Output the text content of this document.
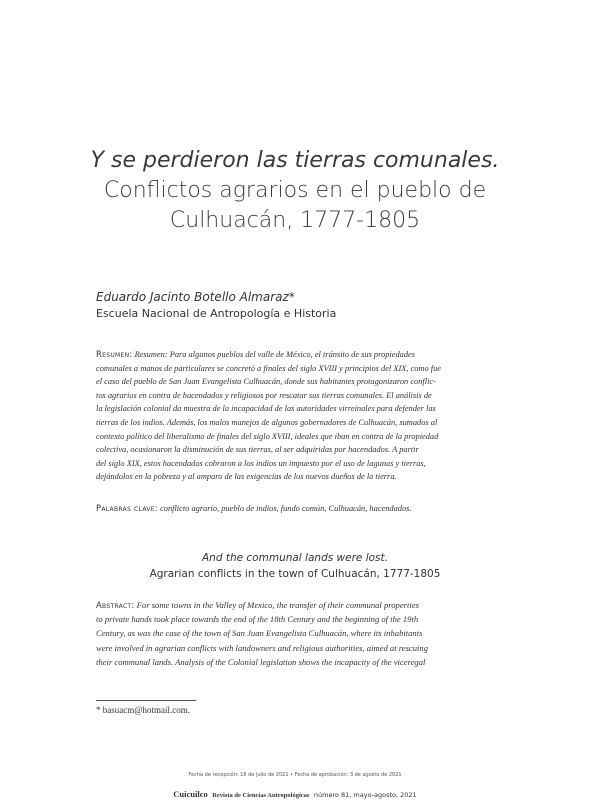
Y se perdieron las tierras comunales.
Conflictos agrarios en el pueblo de
Culhuacán, 1777-1805
Eduardo Jacinto Botello Almaraz*
Escuela Nacional de Antropología e Historia
Resumen: Resumen: Para algunos pueblos del valle de México, el tránsito de sus propiedades
comunales a manos de particulares se concretó a finales del siglo XVIII y principios del XIX, como fue
el caso del pueblo de San Juan Evangelista Culhuacán, donde sus habitantes protagonizaron conflic-
tos agrarios en contra de hacendados y religiosos por rescatar sus tierras comunales. El análisis de
la legislación colonial da muestra de la incapacidad de las autoridades virreinales para defender las
tierras de los indios. Además, los malos manejos de algunos gobernadores de Culhuacán, sumados al
contexto político del liberalismo de finales del siglo XVIII, ideales que iban en contra de la propiedad
colectiva, ocasionaron la disminución de sus tierras, al ser adquiridas por hacendados. A partir
del siglo XIX, estos hacendados cobraron a los indios un impuesto por el uso de lagunas y tierras,
dejándolos en la pobreza y al amparo de las exigencias de los nuevos dueños de la tierra.
Palabras clave: conflicto agrario, pueblo de indios, fundo común, Culhuacán, hacendados.
And the communal lands were lost.
Agrarian conflicts in the town of Culhuacán, 1777-1805
Abstract: For some towns in the Valley of Mexico, the transfer of their communal properties
to private hands took place towards the end of the 18th Century and the beginning of the 19th
Century, as was the case of the town of San Juan Evangelista Culhuacán, where its inhabitants
were involved in agrarian conflicts with landowners and religious authorities, aimed at rescuing
their communal lands. Analysis of the Colonial legislation shows the incapacity of the viceregal
* basuacm@hotmail.com.
Fecha de recepción: 16 de julio de 2021 • Fecha de aprobación: 3 de agosto de 2021
Cuicuilco Revista de Ciencias Antropológicas número 81, mayo-agosto, 2021
